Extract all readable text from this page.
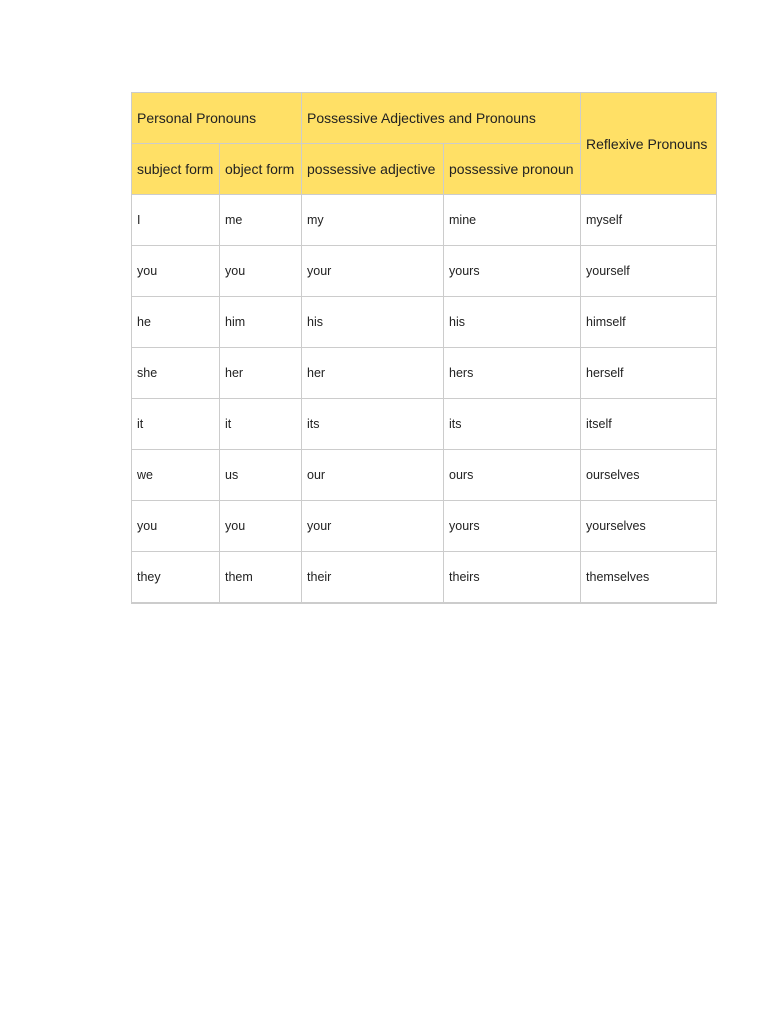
Personal Pronouns		Possessive Adjectives and Pronouns		Reflexive Pronouns
subject form	object form	possessive adjective	possessive pronoun	
I	me	my	mine	myself
you	you	your	yours	yourself
he	him	his	his	himself
she	her	her	hers	herself
it	it	its	its	itself
we	us	our	ours	ourselves
you	you	your	yours	yourselves
they	them	their	theirs	themselves
